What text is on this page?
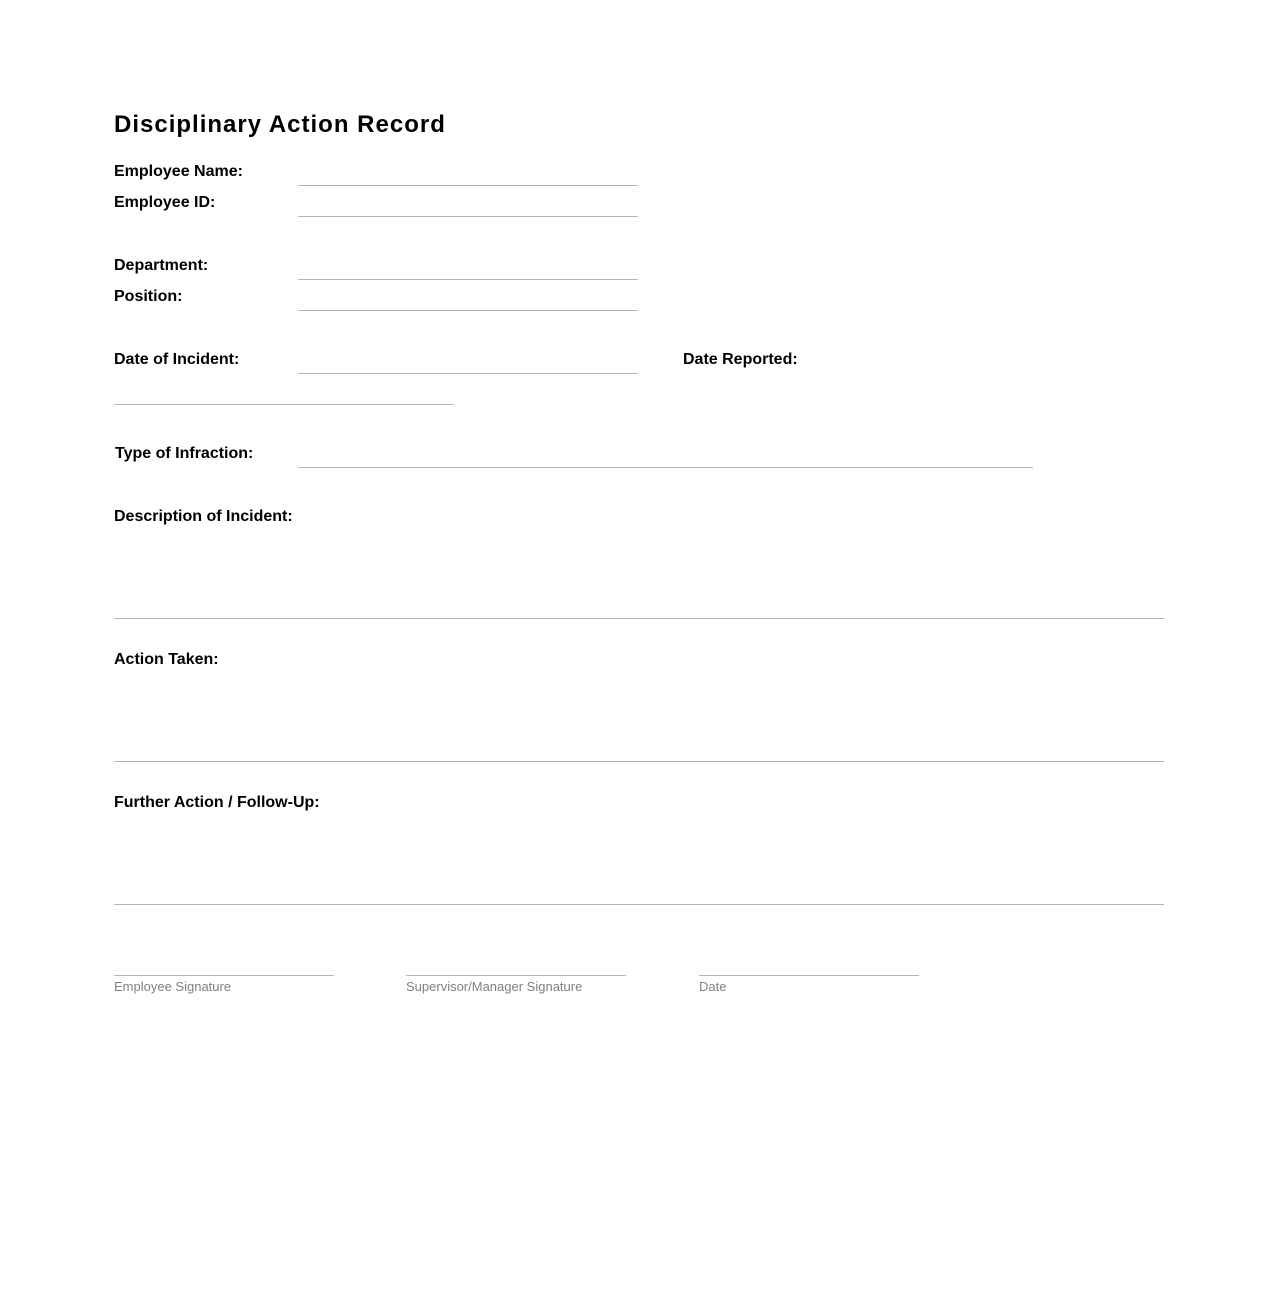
Disciplinary Action Record
Employee Name:
Employee ID:
Department:
Position:
Date of Incident:	Date Reported:
Type of Infraction:
Description of Incident:
Action Taken:
Further Action / Follow-Up:
Employee Signature	Supervisor/Manager Signature	Date
